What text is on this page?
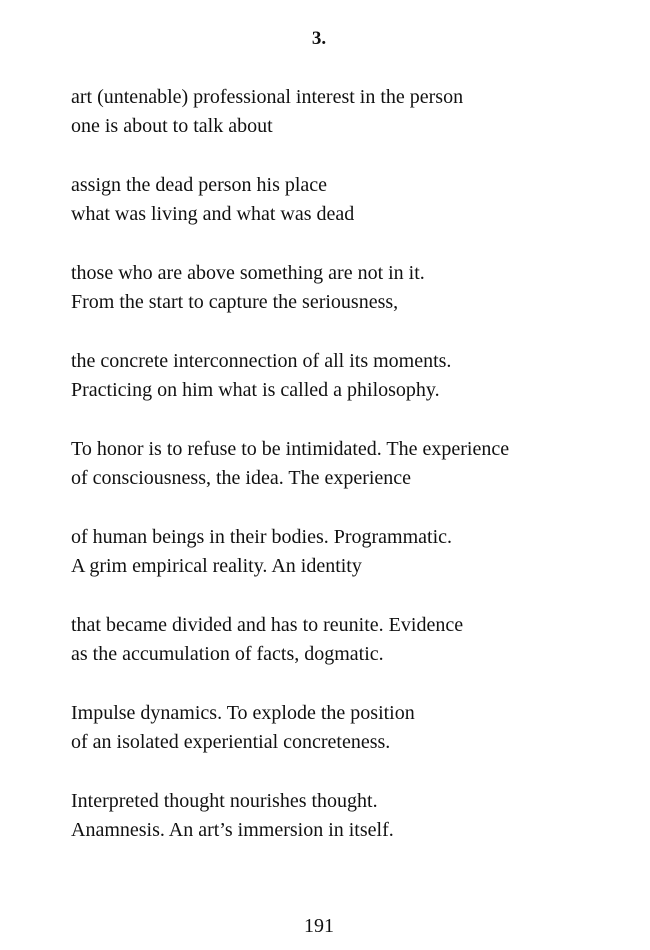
3.
art (untenable) professional interest in the person
one is about to talk about
assign the dead person his place
what was living and what was dead
those who are above something are not in it.
From the start to capture the seriousness,
the concrete interconnection of all its moments.
Practicing on him what is called a philosophy.
To honor is to refuse to be intimidated. The experience
of consciousness, the idea. The experience
of human beings in their bodies. Programmatic.
A grim empirical reality. An identity
that became divided and has to reunite. Evidence
as the accumulation of facts, dogmatic.
Impulse dynamics. To explode the position
of an isolated experiential concreteness.
Interpreted thought nourishes thought.
Anamnesis. An art’s immersion in itself.
191
